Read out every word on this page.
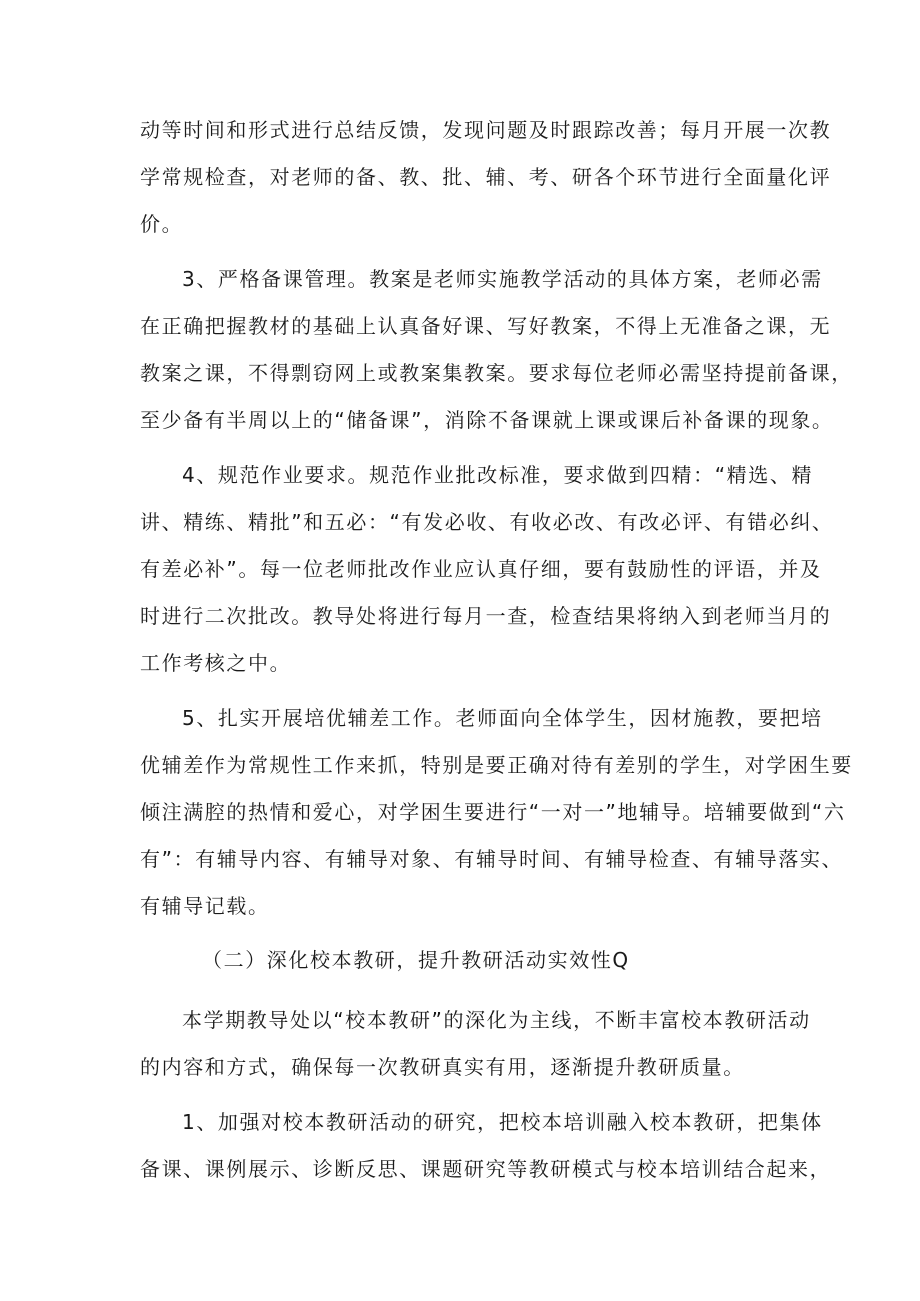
动等时间和形式进行总结反馈，发现问题及时跟踪改善；每月开展一次教
学常规检查，对老师的备、教、批、辅、考、研各个环节进行全面量化评
价。
3、严格备课管理。教案是老师实施教学活动的具体方案，老师必需
在正确把握教材的基础上认真备好课、写好教案，不得上无准备之课，无
教案之课，不得剽窃网上或教案集教案。要求每位老师必需坚持提前备课，
至少备有半周以上的“储备课”，消除不备课就上课或课后补备课的现象。
4、规范作业要求。规范作业批改标准，要求做到四精：“精选、精
讲、精练、精批”和五必：“有发必收、有收必改、有改必评、有错必纠、
有差必补”。每一位老师批改作业应认真仔细，要有鼓励性的评语，并及
时进行二次批改。教导处将进行每月一查，检查结果将纳入到老师当月的
工作考核之中。
5、扎实开展培优辅差工作。老师面向全体学生，因材施教，要把培
优辅差作为常规性工作来抓，特别是要正确对待有差别的学生，对学困生要
倾注满腔的热情和爱心，对学困生要进行“一对一”地辅导。培辅要做到“六
有”：有辅导内容、有辅导对象、有辅导时间、有辅导检查、有辅导落实、
有辅导记载。
（二）深化校本教研，提升教研活动实效性Q
本学期教导处以“校本教研”的深化为主线，不断丰富校本教研活动
的内容和方式，确保每一次教研真实有用，逐渐提升教研质量。
1、加强对校本教研活动的研究，把校本培训融入校本教研，把集体
备课、课例展示、诊断反思、课题研究等教研模式与校本培训结合起来，
